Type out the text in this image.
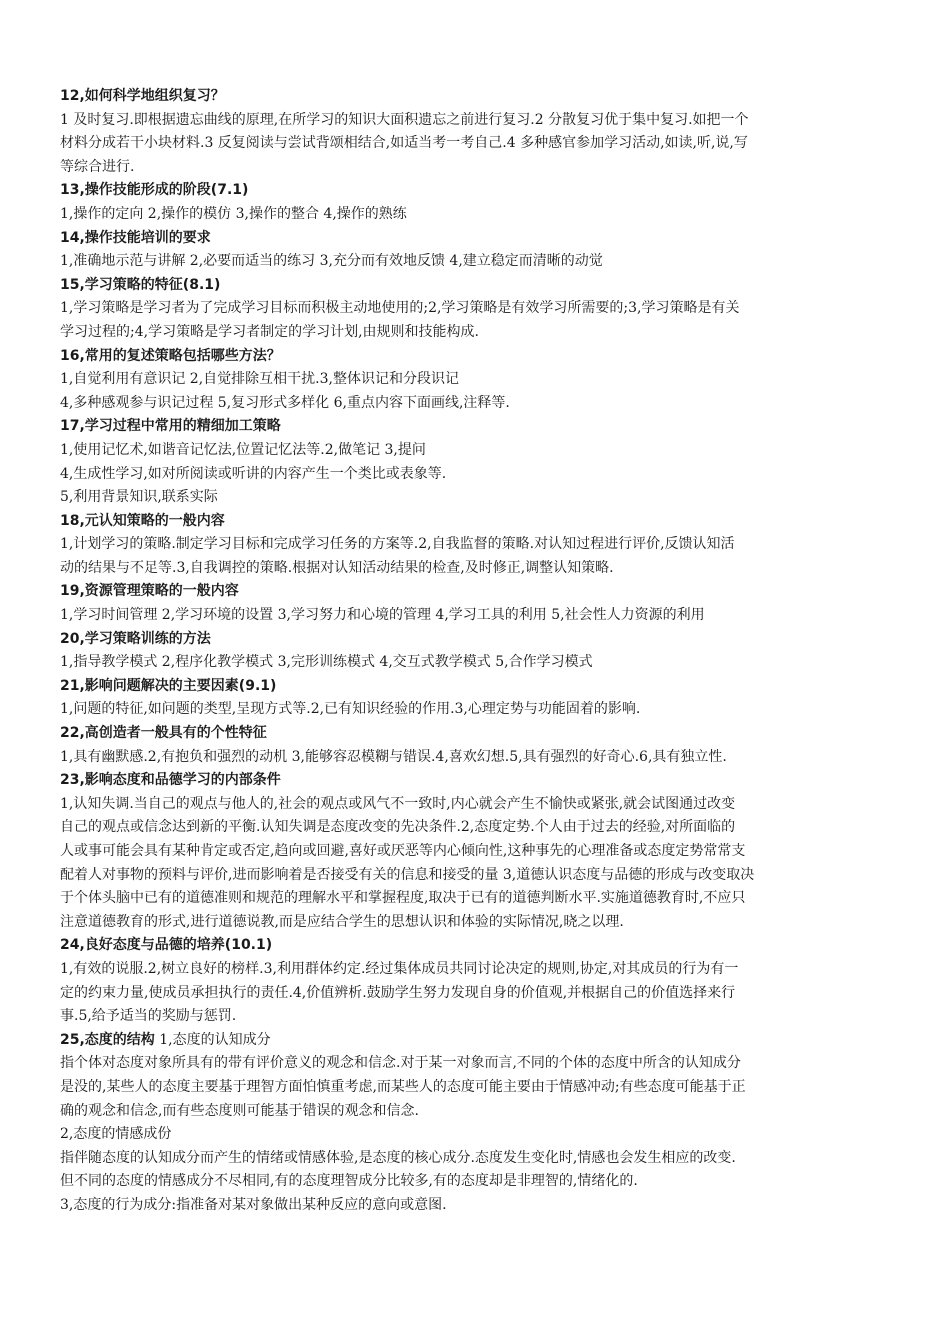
12,如何科学地组织复习？
1 及时复习.即根据遗忘曲线的原理,在所学习的知识大面积遗忘之前进行复习.2 分散复习优于集中复习.如把一个
材料分成若干小块材料.3 反复阅读与尝试背颂相结合,如适当考一考自己.4 多种感官参加学习活动,如读,听,说,写
等综合进行.
13,操作技能形成的阶段(7.1)
1,操作的定向 2,操作的模仿 3,操作的整合 4,操作的熟练
14,操作技能培训的要求
1,准确地示范与讲解 2,必要而适当的练习 3,充分而有效地反馈 4,建立稳定而清晰的动觉
15,学习策略的特征(8.1)
1,学习策略是学习者为了完成学习目标而积极主动地使用的;2,学习策略是有效学习所需要的;3,学习策略是有关
学习过程的;4,学习策略是学习者制定的学习计划,由规则和技能构成.
16,常用的复述策略包括哪些方法？
1,自觉利用有意识记 2,自觉排除互相干扰.3,整体识记和分段识记
4,多种感观参与识记过程 5,复习形式多样化 6,重点内容下面画线,注释等.
17,学习过程中常用的精细加工策略
1,使用记忆术,如谐音记忆法,位置记忆法等.2,做笔记 3,提问
4,生成性学习,如对所阅读或听讲的内容产生一个类比或表象等.
5,利用背景知识,联系实际
18,元认知策略的一般内容
1,计划学习的策略.制定学习目标和完成学习任务的方案等.2,自我监督的策略.对认知过程进行评价,反馈认知活
动的结果与不足等.3,自我调控的策略.根据对认知活动结果的检查,及时修正,调整认知策略.
19,资源管理策略的一般内容
1,学习时间管理 2,学习环境的设置 3,学习努力和心境的管理 4,学习工具的利用 5,社会性人力资源的利用
20,学习策略训练的方法
1,指导教学模式 2,程序化教学模式 3,完形训练模式 4,交互式教学模式 5,合作学习模式
21,影响问题解决的主要因素(9.1)
1,问题的特征,如问题的类型,呈现方式等.2,已有知识经验的作用.3,心理定势与功能固着的影响.
22,高创造者一般具有的个性特征
1,具有幽默感.2,有抱负和强烈的动机 3,能够容忍模糊与错误.4,喜欢幻想.5,具有强烈的好奇心.6,具有独立性.
23,影响态度和品德学习的内部条件
1,认知失调.当自己的观点与他人的,社会的观点或风气不一致时,内心就会产生不愉快或紧张,就会试图通过改变
自己的观点或信念达到新的平衡.认知失调是态度改变的先决条件.2,态度定势.个人由于过去的经验,对所面临的
人或事可能会具有某种肯定或否定,趋向或回避,喜好或厌恶等内心倾向性,这种事先的心理准备或态度定势常常支
配着人对事物的预料与评价,进而影响着是否接受有关的信息和接受的量 3,道德认识态度与品德的形成与改变取决
于个体头脑中已有的道德准则和规范的理解水平和掌握程度,取决于已有的道德判断水平.实施道德教育时,不应只
注意道德教育的形式,进行道德说教,而是应结合学生的思想认识和体验的实际情况,晓之以理.
24,良好态度与品德的培养(10.1)
1,有效的说服.2,树立良好的榜样.3,利用群体约定.经过集体成员共同讨论决定的规则,协定,对其成员的行为有一
定的约束力量,使成员承担执行的责任.4,价值辨析.鼓励学生努力发现自身的价值观,并根据自己的价值选择来行
事.5,给予适当的奖励与惩罚.
25,态度的结构 1,态度的认知成分
指个体对态度对象所具有的带有评价意义的观念和信念.对于某一对象而言,不同的个体的态度中所含的认知成分
是没的,某些人的态度主要基于理智方面怕慎重考虑,而某些人的态度可能主要由于情感冲动;有些态度可能基于正
确的观念和信念,而有些态度则可能基于错误的观念和信念.
2,态度的情感成份
指伴随态度的认知成分而产生的情绪或情感体验,是态度的核心成分.态度发生变化时,情感也会发生相应的改变.
但不同的态度的情感成分不尽相同,有的态度理智成分比较多,有的态度却是非理智的,情绪化的.
3,态度的行为成分:指准备对某对象做出某种反应的意向或意图.
